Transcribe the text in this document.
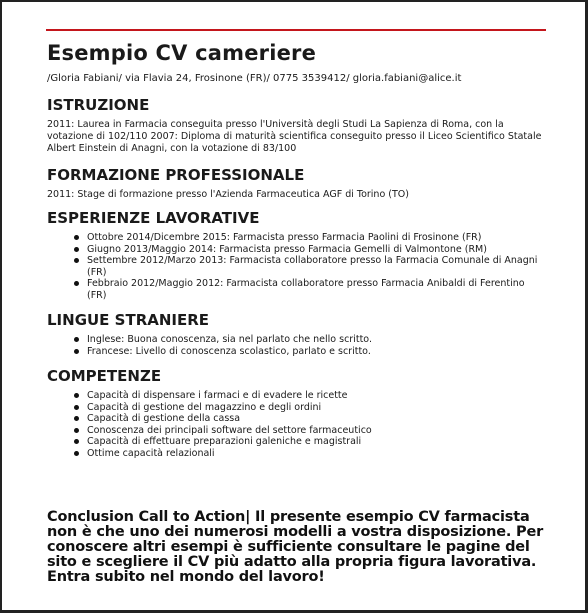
Esempio CV cameriere
/Gloria Fabiani/ via Flavia 24, Frosinone (FR)/ 0775 3539412/ gloria.fabiani@alice.it
ISTRUZIONE
2011: Laurea in Farmacia conseguita presso l'Università degli Studi La Sapienza di Roma, con la votazione di 102/110 2007: Diploma di maturità scientifica conseguito presso il Liceo Scientifico Statale Albert Einstein di Anagni, con la votazione di 83/100
FORMAZIONE PROFESSIONALE
2011: Stage di formazione presso l'Azienda Farmaceutica AGF di Torino (TO)
ESPERIENZE LAVORATIVE
Ottobre 2014/Dicembre 2015: Farmacista presso Farmacia Paolini di Frosinone (FR)
Giugno 2013/Maggio 2014: Farmacista presso Farmacia Gemelli di Valmontone (RM)
Settembre 2012/Marzo 2013: Farmacista collaboratore presso la Farmacia Comunale di Anagni (FR)
Febbraio 2012/Maggio 2012: Farmacista collaboratore presso Farmacia Anibaldi di Ferentino (FR)
LINGUE STRANIERE
Inglese: Buona conoscenza, sia nel parlato che nello scritto.
Francese: Livello di conoscenza scolastico, parlato e scritto.
COMPETENZE
Capacità di dispensare i farmaci e di evadere le ricette
Capacità di gestione del magazzino e degli ordini
Capacità di gestione della cassa
Conoscenza dei principali software del settore farmaceutico
Capacità di effettuare preparazioni galeniche e magistrali
Ottime capacità relazionali
Conclusion Call to Action| Il presente esempio CV farmacista non è che uno dei numerosi modelli a vostra disposizione. Per conoscere altri esempi è sufficiente consultare le pagine del sito e scegliere il CV più adatto alla propria figura lavorativa. Entra subito nel mondo del lavoro!
